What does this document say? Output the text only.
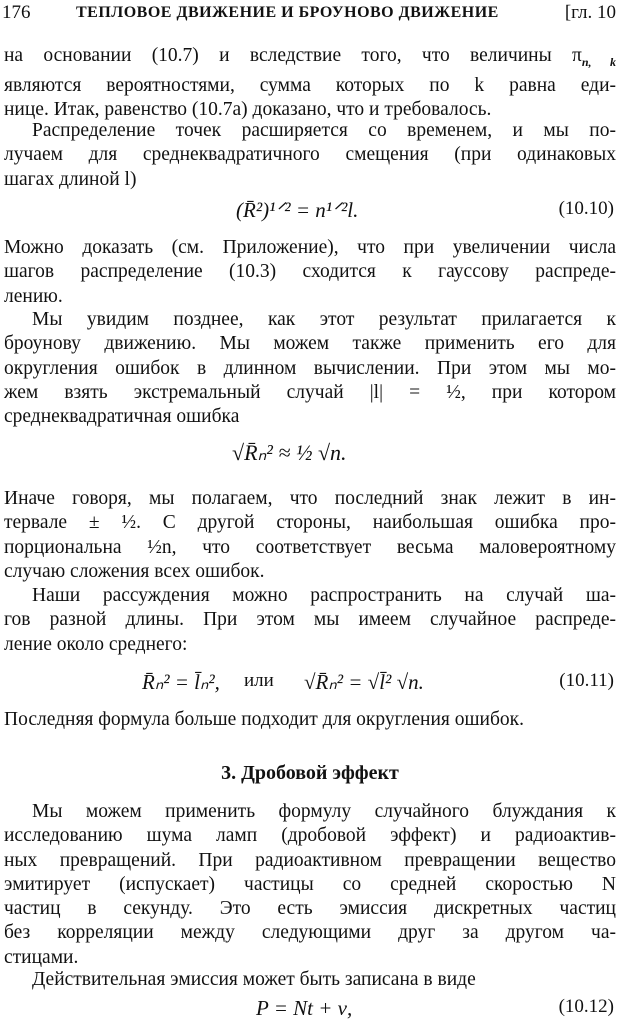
176	ТЕПЛОВОЕ ДВИЖЕНИЕ И БРОУНОВО ДВИЖЕНИЕ	[гл. 10
на основании (10.7) и вследствие того, что величины $\pi_{n, k}$
являются вероятностями, сумма которых по k равна еди-
нице. Итак, равенство (10.7а) доказано, что и требовалось.
Распределение точек расширяется со временем, и мы по-
лучаем для среднеквадратичного смещения (при одинаковых
шагах длиной l)
(R̄²)¹ᐟ² = n¹ᐟ²l.	(10.10)
Можно доказать (см. Приложение), что при увеличении числа
шагов распределение (10.3) сходится к гауссову распреде-
лению.
Мы увидим позднее, как этот результат прилагается к
броунову движению. Мы можем также применить его для
округления ошибок в длинном вычислении. При этом мы мо-
жем взять экстремальный случай |l| = ½, при котором
среднеквадратичная ошибка
√R̄ₙ² ≈ ½ √n.
Иначе говоря, мы полагаем, что последний знак лежит в ин-
тервале ± ½. С другой стороны, наибольшая ошибка про-
порциональна ½n, что соответствует весьма маловероятному
случаю сложения всех ошибок.
Наши рассуждения можно распространить на случай ша-
гов разной длины. При этом мы имеем случайное распреде-
ление около среднего:
R̄ₙ² = l̄ₙ², или √R̄ₙ² = √l̄² √n.	(10.11)
Последняя формула больше подходит для округления ошибок.
3. Дробовой эффект
Мы можем применить формулу случайного блуждания к
исследованию шума ламп (дробовой эффект) и радиоактив-
ных превращений. При радиоактивном превращении вещество
эмитирует (испускает) частицы со средней скоростью N
частиц в секунду. Это есть эмиссия дискретных частиц
без корреляции между следующими друг за другом ча-
стицами.
Действительная эмиссия может быть записана в виде
P = Nt + ν,	(10.12)
